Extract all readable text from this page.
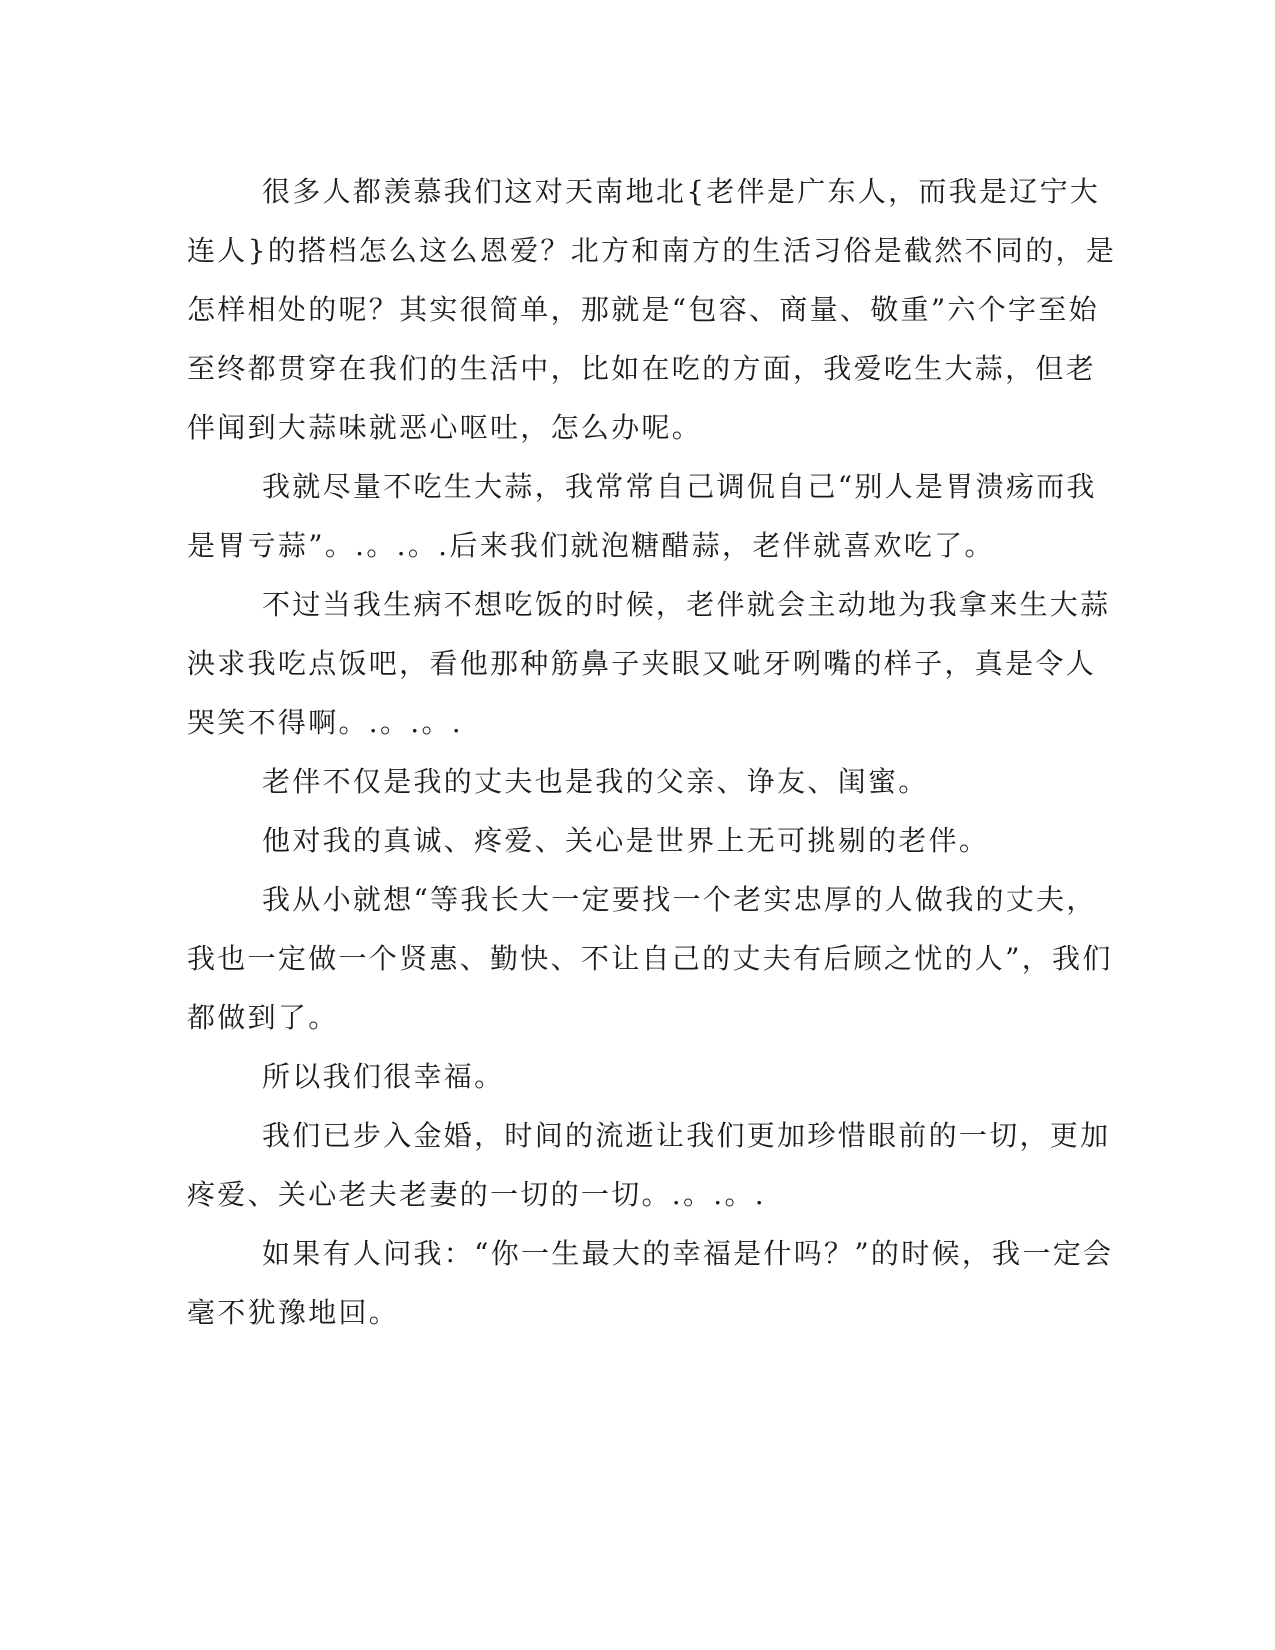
很多人都羡慕我们这对天南地北{老伴是广东人，而我是辽宁大
连人}的搭档怎么这么恩爱？北方和南方的生活习俗是截然不同的，是
怎样相处的呢？其实很简单，那就是“包容、商量、敬重”六个字至始
至终都贯穿在我们的生活中，比如在吃的方面，我爱吃生大蒜，但老
伴闻到大蒜味就恶心呕吐，怎么办呢。

我就尽量不吃生大蒜，我常常自己调侃自己“别人是胃溃疡而我
是胃亏蒜”。.。.。.后来我们就泡糖醋蒜，老伴就喜欢吃了。

不过当我生病不想吃饭的时候，老伴就会主动地为我拿来生大蒜
泱求我吃点饭吧，看他那种筋鼻子夹眼又呲牙咧嘴的样子，真是令人
哭笑不得啊。.。.。.

老伴不仅是我的丈夫也是我的父亲、诤友、闺蜜。

他对我的真诚、疼爱、关心是世界上无可挑剔的老伴。

我从小就想“等我长大一定要找一个老实忠厚的人做我的丈夫，
我也一定做一个贤惠、勤快、不让自己的丈夫有后顾之忧的人”，我们
都做到了。

所以我们很幸福。

我们已步入金婚，时间的流逝让我们更加珍惜眼前的一切，更加
疼爱、关心老夫老妻的一切的一切。.。.。.

如果有人问我：“你一生最大的幸福是什吗？”的时候，我一定会
毫不犹豫地回。
